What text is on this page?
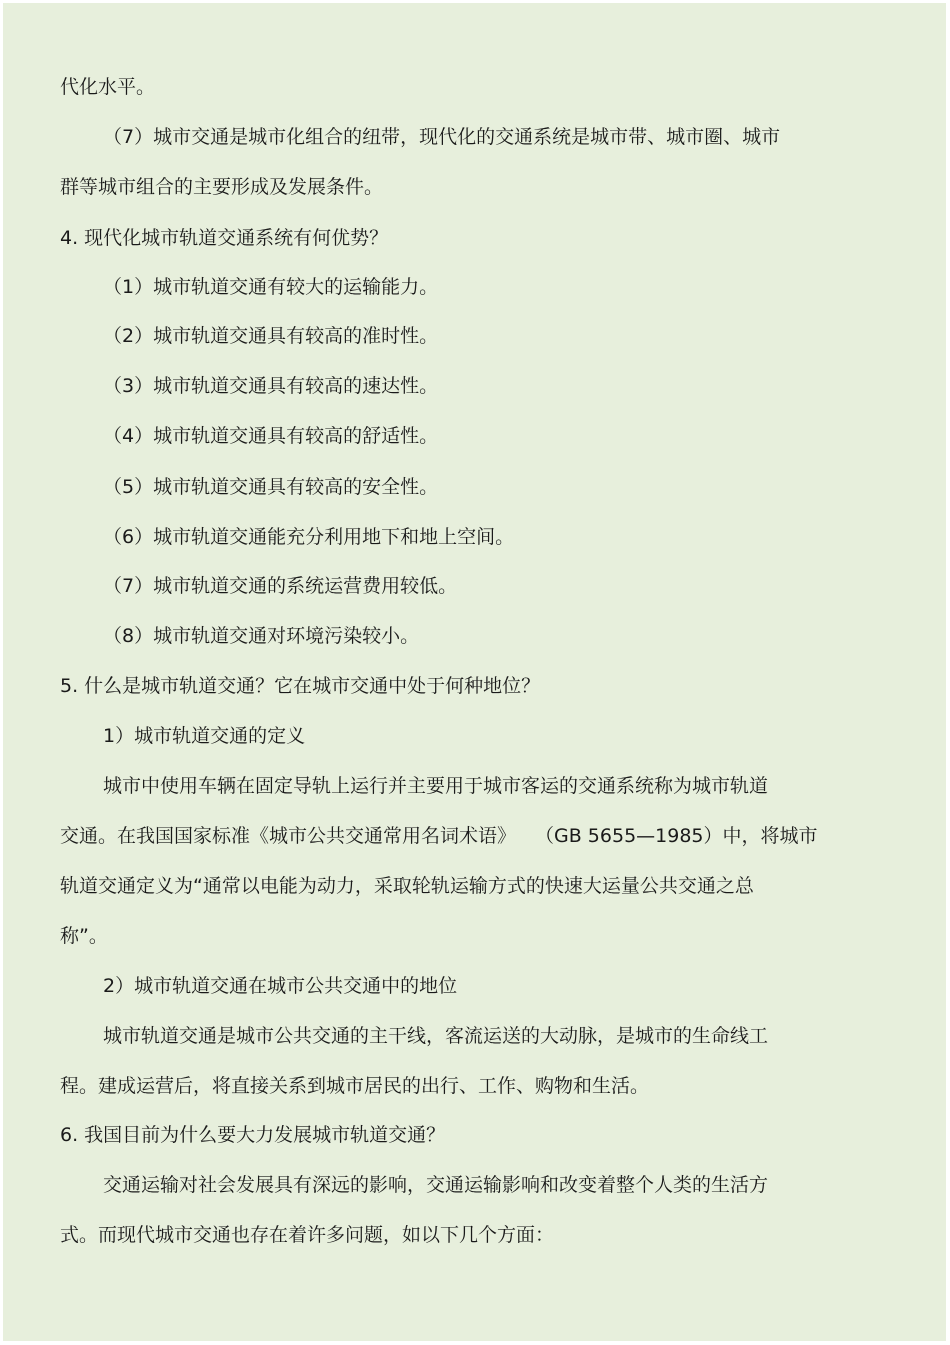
代化水平。
（7）城市交通是城市化组合的纽带，现代化的交通系统是城市带、城市圈、城市
群等城市组合的主要形成及发展条件。
4. 现代化城市轨道交通系统有何优势？
（1）城市轨道交通有较大的运输能力。
（2）城市轨道交通具有较高的准时性。
（3）城市轨道交通具有较高的速达性。
（4）城市轨道交通具有较高的舒适性。
（5）城市轨道交通具有较高的安全性。
（6）城市轨道交通能充分利用地下和地上空间。
（7）城市轨道交通的系统运营费用较低。
（8）城市轨道交通对环境污染较小。
5. 什么是城市轨道交通？它在城市交通中处于何种地位？
1）城市轨道交通的定义
城市中使用车辆在固定导轨上运行并主要用于城市客运的交通系统称为城市轨道
交通。在我国国家标准《城市公共交通常用名词术语》　　（GB 5655—1985）中，将城市
轨道交通定义为“通常以电能为动力，采取轮轨运输方式的快速大运量公共交通之总
称”。
2）城市轨道交通在城市公共交通中的地位
城市轨道交通是城市公共交通的主干线，客流运送的大动脉，是城市的生命线工
程。建成运营后，将直接关系到城市居民的出行、工作、购物和生活。
6. 我国目前为什么要大力发展城市轨道交通？
交通运输对社会发展具有深远的影响，交通运输影响和改变着整个人类的生活方
式。而现代城市交通也存在着许多问题，如以下几个方面：
